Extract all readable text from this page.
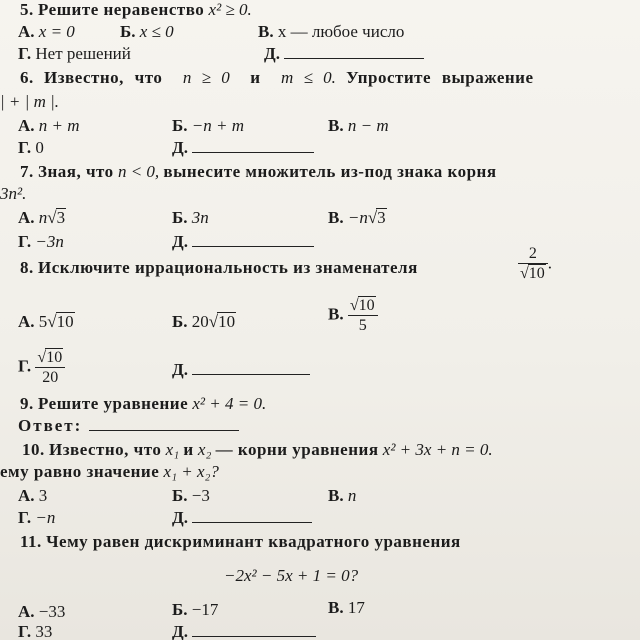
5. Решите неравенство x² ≥ 0.
А. x = 0	Б. x ≤ 0	В. x — любое число
Г. Нет решений	Д.
6. Известно, что n ≥ 0 и m ≤ 0. Упростите выражение
| + | m |.
А. n + m	Б. −n + m	В. n − m
Г. 0	Д.
7. Зная, что n < 0, вынесите множитель из-под знака корня
3n².
А. n√3	Б. 3n	В. −n√3
Г. −3n	Д.
8. Исключите иррациональность из знаменателя	$\frac{2}{√10}$ .
А. 5√10	Б. 20√10	В. $\frac{√10}{5}$
Г. $\frac{√10}{20}$	Д.
9. Решите уравнение x² + 4 = 0.
Ответ:
10. Известно, что x₁ и x₂ — корни уравнения x² + 3x + n = 0.
ему равно значение x₁ + x₂?
А. 3	Б. −3	В. n
Г. −n	Д.
11. Чему равен дискриминант квадратного уравнения
−2x² − 5x + 1 = 0?
А. −33	Б. −17	В. 17
Г. 33	Д.
